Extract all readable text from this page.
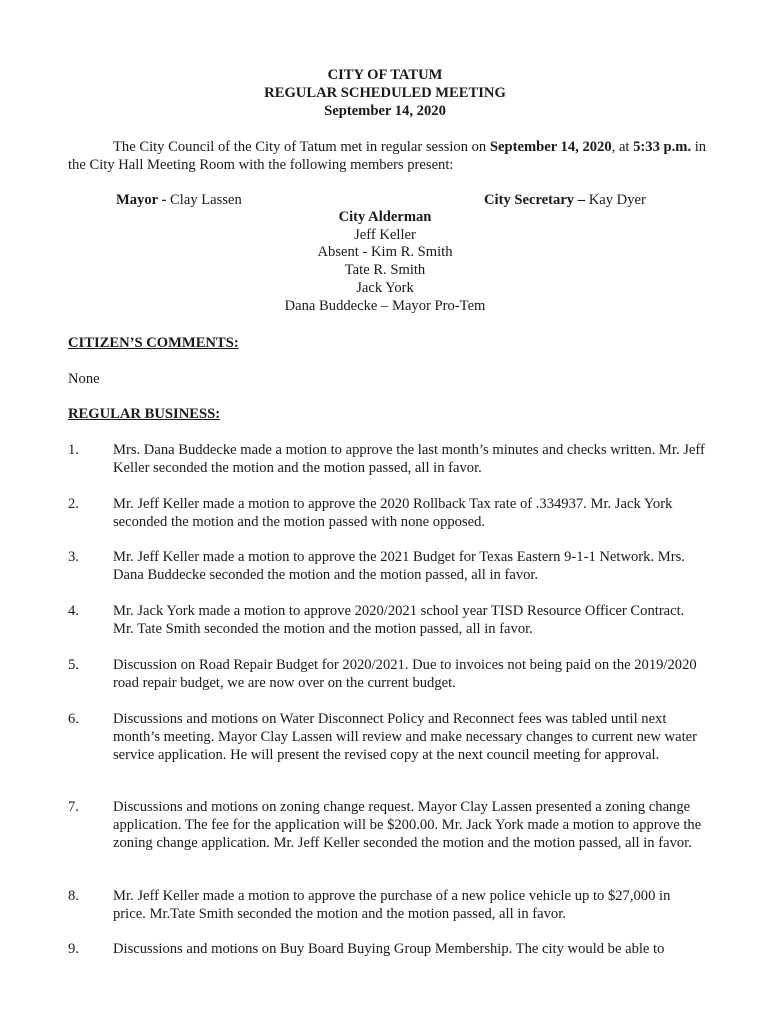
CITY OF TATUM
REGULAR SCHEDULED MEETING
September 14, 2020

The City Council of the City of Tatum met in regular session on September 14, 2020, at 5:33 p.m. in the City Hall Meeting Room with the following members present:

Mayor - Clay Lassen	City Secretary – Kay Dyer
City Alderman
Jeff Keller
Absent - Kim R. Smith
Tate R. Smith
Jack York
Dana Buddecke – Mayor Pro-Tem
CITIZEN’S COMMENTS:
None
REGULAR BUSINESS:
1. Mrs. Dana Buddecke made a motion to approve the last month’s minutes and checks written. Mr. Jeff Keller seconded the motion and the motion passed, all in favor.
2. Mr. Jeff Keller made a motion to approve the 2020 Rollback Tax rate of .334937. Mr. Jack York seconded the motion and the motion passed with none opposed.
3. Mr. Jeff Keller made a motion to approve the 2021 Budget for Texas Eastern 9-1-1 Network. Mrs. Dana Buddecke seconded the motion and the motion passed, all in favor.
4. Mr. Jack York made a motion to approve 2020/2021 school year TISD Resource Officer Contract. Mr. Tate Smith seconded the motion and the motion passed, all in favor.
5. Discussion on Road Repair Budget for 2020/2021. Due to invoices not being paid on the 2019/2020 road repair budget, we are now over on the current budget.
6. Discussions and motions on Water Disconnect Policy and Reconnect fees was tabled until next month’s meeting. Mayor Clay Lassen will review and make necessary changes to current new water service application. He will present the revised copy at the next council meeting for approval.
7. Discussions and motions on zoning change request. Mayor Clay Lassen presented a zoning change application. The fee for the application will be $200.00. Mr. Jack York made a motion to approve the zoning change application. Mr. Jeff Keller seconded the motion and the motion passed, all in favor.
8. Mr. Jeff Keller made a motion to approve the purchase of a new police vehicle up to $27,000 in price. Mr.Tate Smith seconded the motion and the motion passed, all in favor.
9. Discussions and motions on Buy Board Buying Group Membership. The city would be able to
